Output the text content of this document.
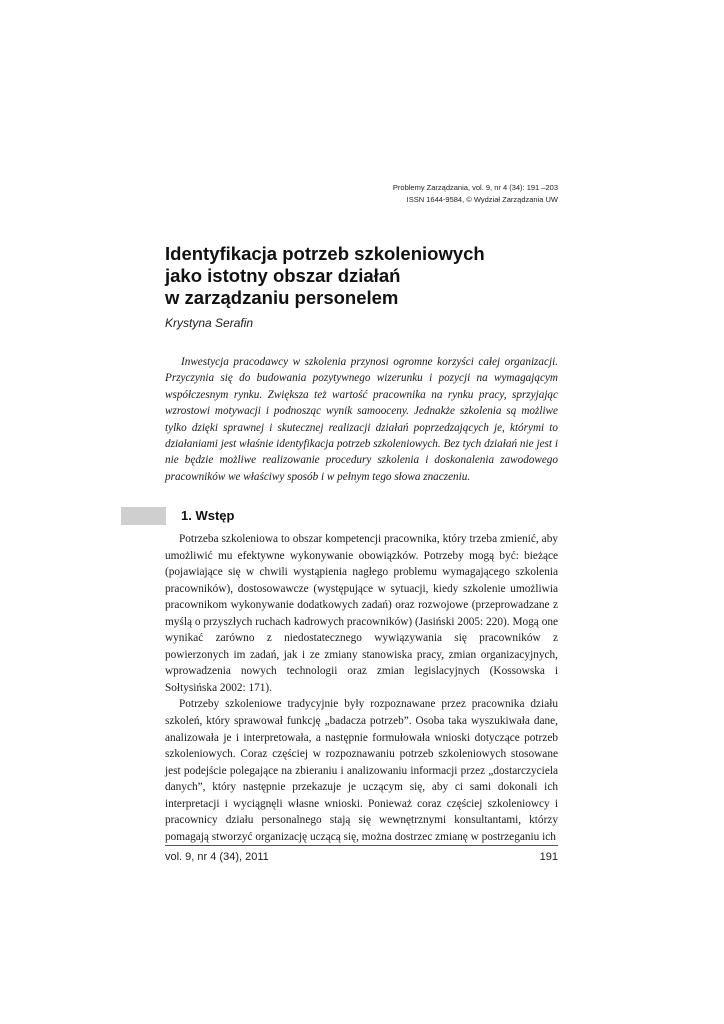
Problemy Zarządzania, vol. 9, nr 4 (34): 191 –203
ISSN 1644-9584, © Wydział Zarządzania UW
Identyfikacja potrzeb szkoleniowych
jako istotny obszar działań
w zarządzaniu personelem
Krystyna Serafin
Inwestycja pracodawcy w szkolenia przynosi ogromne korzyści całej organizacji. Przyczynia się do budowania pozytywnego wizerunku i pozycji na wymagającym współczesnym rynku. Zwiększa też wartość pracownika na rynku pracy, sprzyjając wzrostowi motywacji i podnosząc wynik samooceny. Jednakże szkolenia są możliwe tylko dzięki sprawnej i skutecznej realizacji działań poprzedzających je, którymi to działaniami jest właśnie identyfikacja potrzeb szkoleniowych. Bez tych działań nie jest i nie będzie możliwe realizowanie procedury szkolenia i doskonalenia zawodowego pracowników we właściwy sposób i w pełnym tego słowa znaczeniu.
1. Wstęp

Potrzeba szkoleniowa to obszar kompetencji pracownika, który trzeba zmienić, aby umożliwić mu efektywne wykonywanie obowiązków. Potrzeby mogą być: bieżące (pojawiające się w chwili wystąpienia nagłego problemu wymagającego szkolenia pracowników), dostosowawcze (występujące w sytuacji, kiedy szkolenie umożliwia pracownikom wykonywanie dodatkowych zadań) oraz rozwojowe (przeprowadzane z myślą o przyszłych ruchach kadrowych pracowników) (Jasiński 2005: 220). Mogą one wynikać zarówno z niedostatecznego wywiązywania się pracowników z powierzonych im zadań, jak i ze zmiany stanowiska pracy, zmian organizacyjnych, wprowadzenia nowych technologii oraz zmian legislacyjnych (Kossowska i Sołtysińska 2002: 171).

Potrzeby szkoleniowe tradycyjnie były rozpoznawane przez pracownika działu szkoleń, który sprawował funkcję „badacza potrzeb”. Osoba taka wyszukiwała dane, analizowała je i interpretowała, a następnie formułowała wnioski dotyczące potrzeb szkoleniowych. Coraz częściej w rozpoznawaniu potrzeb szkoleniowych stosowane jest podejście polegające na zbieraniu i analizowaniu informacji przez „dostarczyciela danych”, który następnie przekazuje je uczącym się, aby ci sami dokonali ich interpretacji i wyciągnęli własne wnioski. Ponieważ coraz częściej szkoleniowcy i pracownicy działu personalnego stają się wewnętrznymi konsultantami, którzy pomagają stworzyć organizację uczącą się, można dostrzec zmianę w postrzeganiu ich

vol. 9, nr 4 (34), 2011	191
